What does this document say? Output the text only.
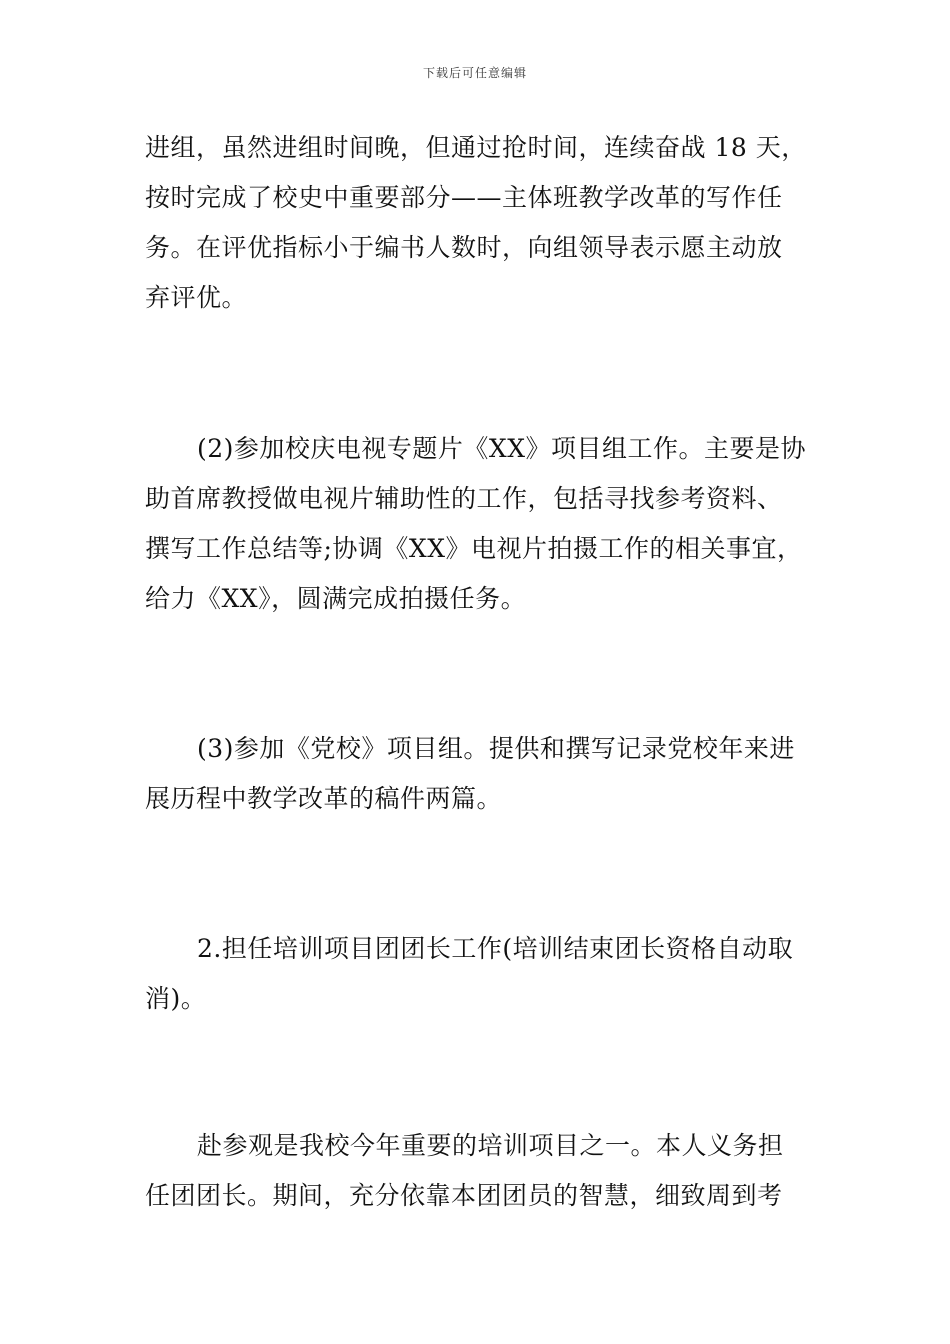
下载后可任意编辑
进组，虽然进组时间晚，但通过抢时间，连续奋战 18 天，
按时完成了校史中重要部分——主体班教学改革的写作任
务。在评优指标小于编书人数时，向组领导表示愿主动放
弃评优。
(2)参加校庆电视专题片《XX》项目组工作。主要是协
助首席教授做电视片辅助性的工作，包括寻找参考资料、
撰写工作总结等;协调《XX》电视片拍摄工作的相关事宜，
给力《XX》，圆满完成拍摄任务。
(3)参加《党校》项目组。提供和撰写记录党校年来进
展历程中教学改革的稿件两篇。
2.担任培训项目团团长工作(培训结束团长资格自动取
消)。
赴参观是我校今年重要的培训项目之一。本人义务担
任团团长。期间，充分依靠本团团员的智慧，细致周到考
